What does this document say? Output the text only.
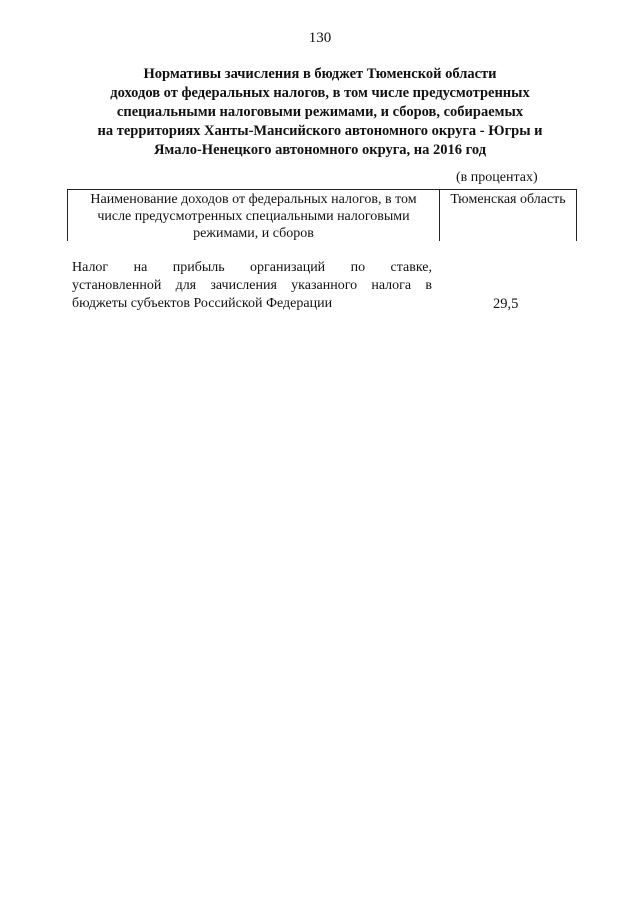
130
Нормативы зачисления в бюджет Тюменской области
доходов от федеральных налогов, в том числе предусмотренных
специальными налоговыми режимами, и сборов, собираемых
на территориях Ханты-Мансийского автономного округа - Югры и
Ямало-Ненецкого автономного округа, на 2016 год
(в процентах)
Наименование доходов от федеральных налогов, в том
числе предусмотренных специальными налоговыми
режимами, и сборов
Тюменская область
Налог на прибыль организаций по ставке,
установленной для зачисления указанного налога в
бюджеты субъектов Российской Федерации	29,5
